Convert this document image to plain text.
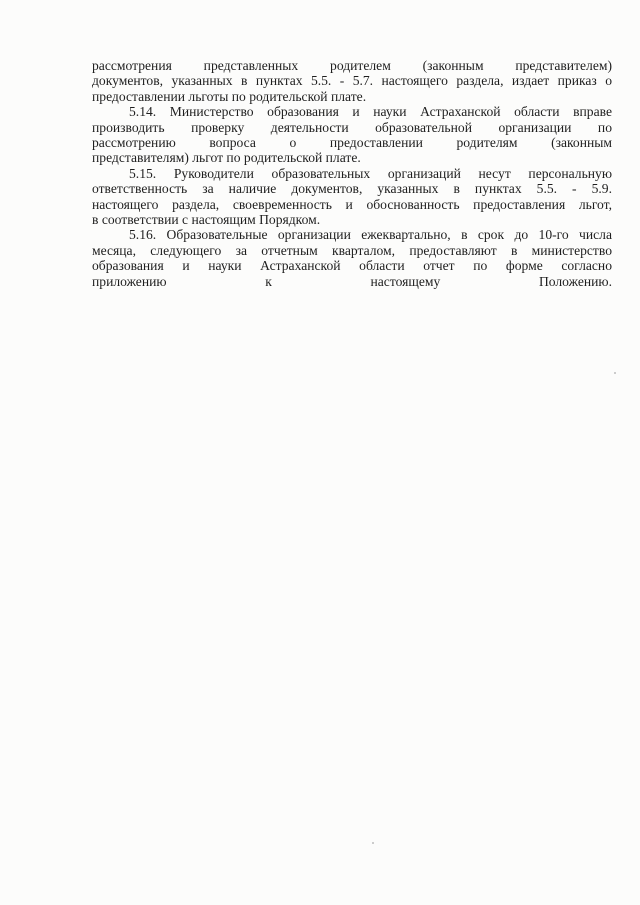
рассмотрения представленных родителем (законным представителем)
документов, указанных в пунктах 5.5. - 5.7. настоящего раздела, издает приказ о
предоставлении льготы по родительской плате.

5.14. Министерство образования и науки Астраханской области вправе
производить проверку деятельности образовательной организации по
рассмотрению вопроса о предоставлении родителям (законным
представителям) льгот по родительской плате.

5.15. Руководители образовательных организаций несут персональную
ответственность за наличие документов, указанных в пунктах 5.5. - 5.9.
настоящего раздела, своевременность и обоснованность предоставления льгот,
в соответствии с настоящим Порядком.

5.16. Образовательные организации ежеквартально, в срок до 10-го числа
месяца, следующего за отчетным кварталом, предоставляют в министерство
образования и науки Астраханской области отчет по форме согласно
приложению к настоящему Положению.
